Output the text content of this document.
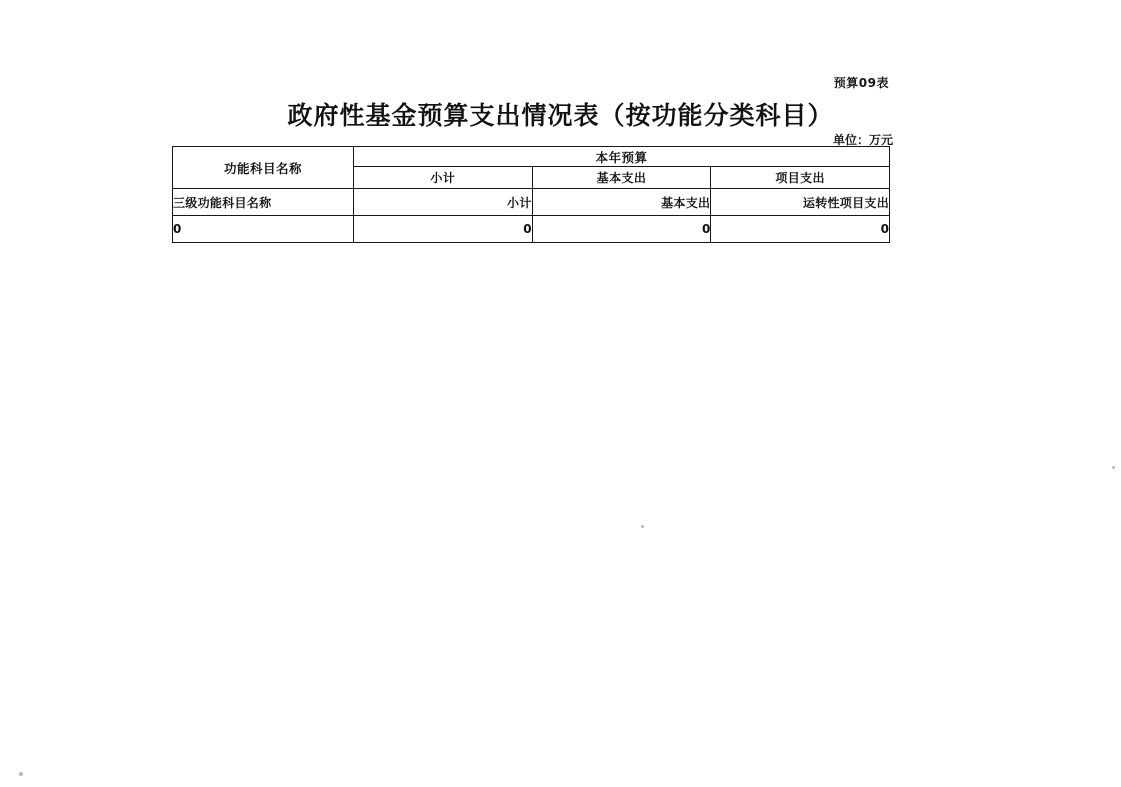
预算09表
政府性基金预算支出情况表（按功能分类科目）
单位：万元
功能科目名称	本年预算		
	小计	基本支出	项目支出
三级功能科目名称	小计	基本支出	运转性项目支出
0	0	0	0
